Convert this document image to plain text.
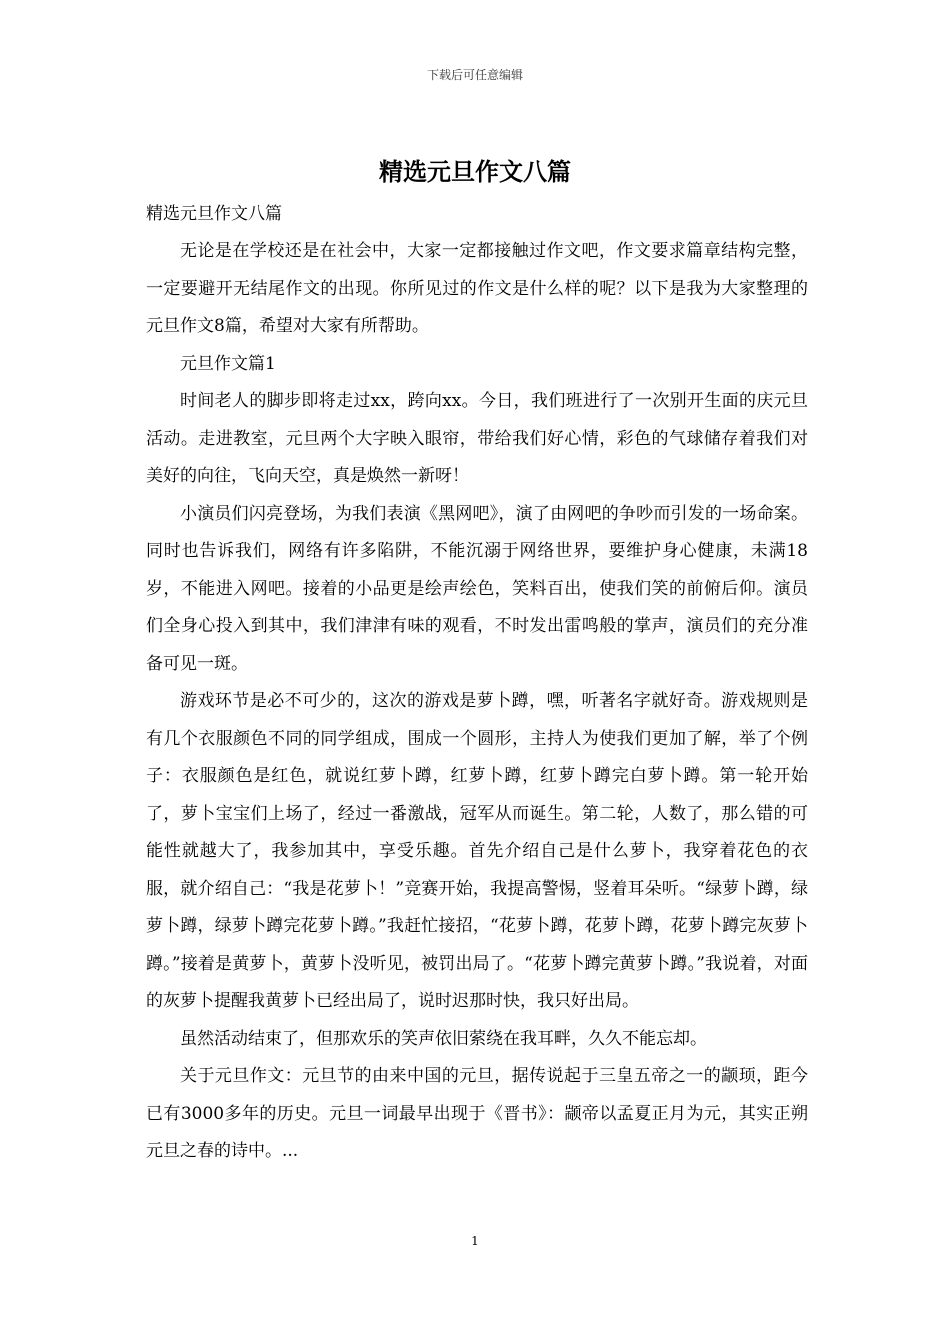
下载后可任意编辑
精选元旦作文八篇

精选元旦作文八篇

无论是在学校还是在社会中，大家一定都接触过作文吧，作文要求篇章结构完整，一定要避开无结尾作文的出现。你所见过的作文是什么样的呢？以下是我为大家整理的元旦作文8篇，希望对大家有所帮助。

元旦作文篇1

时间老人的脚步即将走过xx，跨向xx。今日，我们班进行了一次别开生面的庆元旦活动。走进教室，元旦两个大字映入眼帘，带给我们好心情，彩色的气球储存着我们对美好的向往，飞向天空，真是焕然一新呀！

小演员们闪亮登场，为我们表演《黑网吧》，演了由网吧的争吵而引发的一场命案。同时也告诉我们，网络有许多陷阱，不能沉溺于网络世界，要维护身心健康，未满18岁，不能进入网吧。接着的小品更是绘声绘色，笑料百出，使我们笑的前俯后仰。演员们全身心投入到其中，我们津津有味的观看，不时发出雷鸣般的掌声，演员们的充分准备可见一斑。

游戏环节是必不可少的，这次的游戏是萝卜蹲，嘿，听著名字就好奇。游戏规则是有几个衣服颜色不同的同学组成，围成一个圆形，主持人为使我们更加了解，举了个例子：衣服颜色是红色，就说红萝卜蹲，红萝卜蹲，红萝卜蹲完白萝卜蹲。第一轮开始了，萝卜宝宝们上场了，经过一番激战，冠军从而诞生。第二轮，人数了，那么错的可能性就越大了，我参加其中，享受乐趣。首先介绍自己是什么萝卜，我穿着花色的衣服，就介绍自己：“我是花萝卜！”竞赛开始，我提高警惕，竖着耳朵听。“绿萝卜蹲，绿萝卜蹲，绿萝卜蹲完花萝卜蹲。”我赶忙接招，“花萝卜蹲，花萝卜蹲，花萝卜蹲完灰萝卜蹲。”接着是黄萝卜，黄萝卜没听见，被罚出局了。“花萝卜蹲完黄萝卜蹲。”我说着，对面的灰萝卜提醒我黄萝卜已经出局了，说时迟那时快，我只好出局。

虽然活动结束了，但那欢乐的笑声依旧萦绕在我耳畔，久久不能忘却。

关于元旦作文：元旦节的由来中国的元旦，据传说起于三皇五帝之一的颛顼，距今已有3000多年的历史。元旦一词最早出现于《晋书》：颛帝以孟夏正月为元，其实正朔元旦之春的诗中。...

1
